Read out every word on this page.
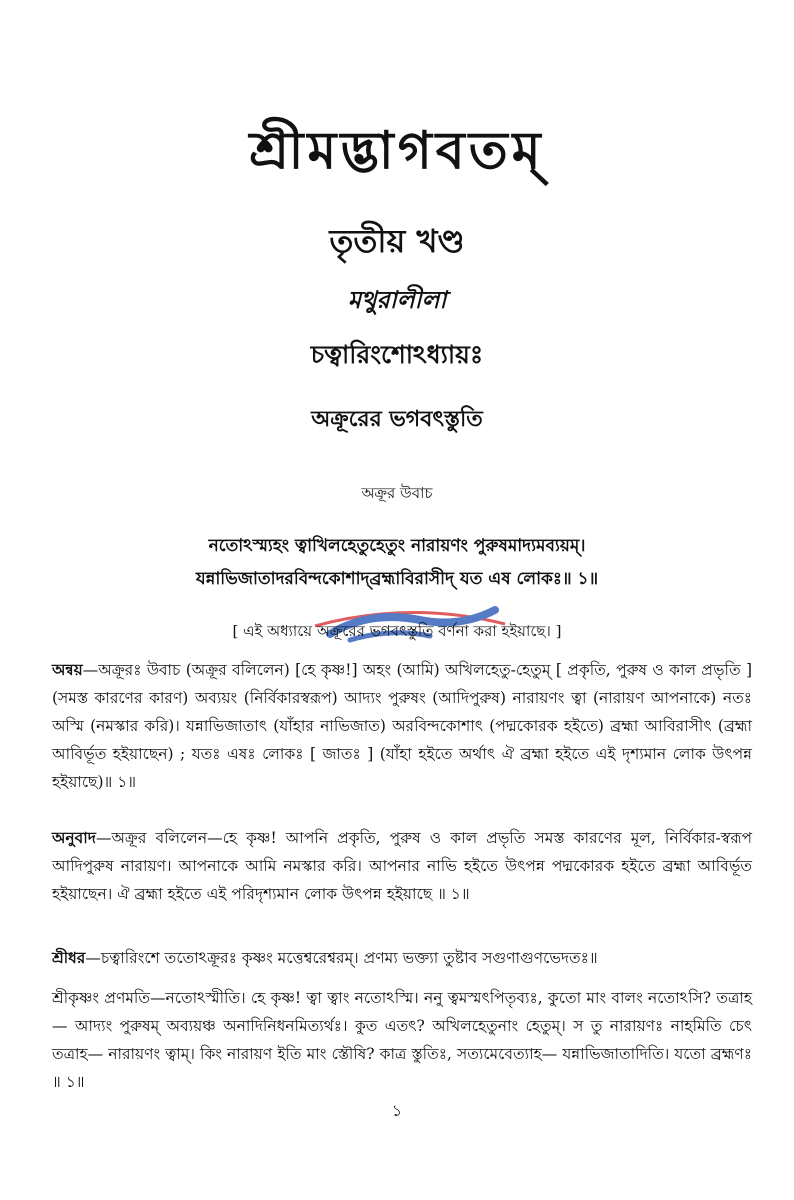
শ্রীমদ্ভাগবতম্
তৃতীয় খণ্ড
মথুরালীলা
চত্বারিংশোঽধ্যায়ঃ
অক্রূরের ভগবৎস্তুতি
অক্রূর উবাচ
নতোঽস্ম্যহং ত্বাখিলহেতুহেতুং নারায়ণং পুরুষমাদ্যমব্যয়ম্।
যন্নাভিজাতাদরবিন্দকোশাদ্‌ব্রহ্মাবিরাসীদ্ যত এষ লোকঃ॥ ১॥
[ এই অধ্যায়ে অক্রূরের ভগবৎস্তুতি বর্ণনা করা হইয়াছে। ]
অন্বয়—অক্রূরঃ উবাচ (অক্রূর বলিলেন) [হে কৃষ্ণ!] অহং (আমি) অখিলহেতু-হেতুম্ [ প্রকৃতি, পুরুষ ও কাল প্রভৃতি ] (সমস্ত কারণের কারণ) অব্যয়ং (নির্বিকারস্বরূপ) আদ্যং পুরুষং (আদিপুরুষ) নারায়ণং ত্বা (নারায়ণ আপনাকে) নতঃ অস্মি (নমস্কার করি)। যন্নাভিজাতাৎ (যাঁহার নাভিজাত) অরবিন্দকোশাৎ (পদ্মকোরক হইতে) ব্রহ্মা আবিরাসীৎ (ব্রহ্মা আবির্ভূত হইয়াছেন) ; যতঃ এষঃ লোকঃ [ জাতঃ ] (যাঁহা হইতে অর্থাৎ ঐ ব্রহ্মা হইতে এই দৃশ্যমান লোক উৎপন্ন হইয়াছে)॥ ১॥
অনুবাদ—অক্রূর বলিলেন—হে কৃষ্ণ! আপনি প্রকৃতি, পুরুষ ও কাল প্রভৃতি সমস্ত কারণের মূল, নির্বিকার-স্বরূপ আদিপুরুষ নারায়ণ। আপনাকে আমি নমস্কার করি। আপনার নাভি হইতে উৎপন্ন পদ্মকোরক হইতে ব্রহ্মা আবির্ভূত হইয়াছেন। ঐ ব্রহ্মা হইতে এই পরিদৃশ্যমান লোক উৎপন্ন হইয়াছে ॥ ১॥
শ্রীধর—চত্বারিংশে ততোঽক্রূরঃ কৃষ্ণং মত্তেশ্বরেশ্বরম্। প্রণম্য ভক্ত্যা তুষ্টাব সগুণাগুণভেদতঃ॥
শ্রীকৃষ্ণং প্রণমতি—নতোঽস্মীতি। হে কৃষ্ণ! ত্বা ত্বাং নতোঽস্মি। ননু ত্বমস্মৎপিতৃব্যঃ, কুতো মাং বালং নতোঽসি? তত্রাহ— আদ্যং পুরুষম্ অব্যয়ঞ্চ অনাদিনিধনমিত্যর্থঃ। কুত এতৎ? অখিলহেতুনাং হেতুম্। স তু নারায়ণঃ নাহমিতি চেৎ তত্রাহ— নারায়ণং ত্বাম্। কিং নারায়ণ ইতি মাং স্তৌষি? কাত্র স্তুতিঃ, সত্যমেবেত্যাহ— যন্নাভিজাতাদিতি। যতো ব্রহ্মণঃ ॥ ১॥
১
